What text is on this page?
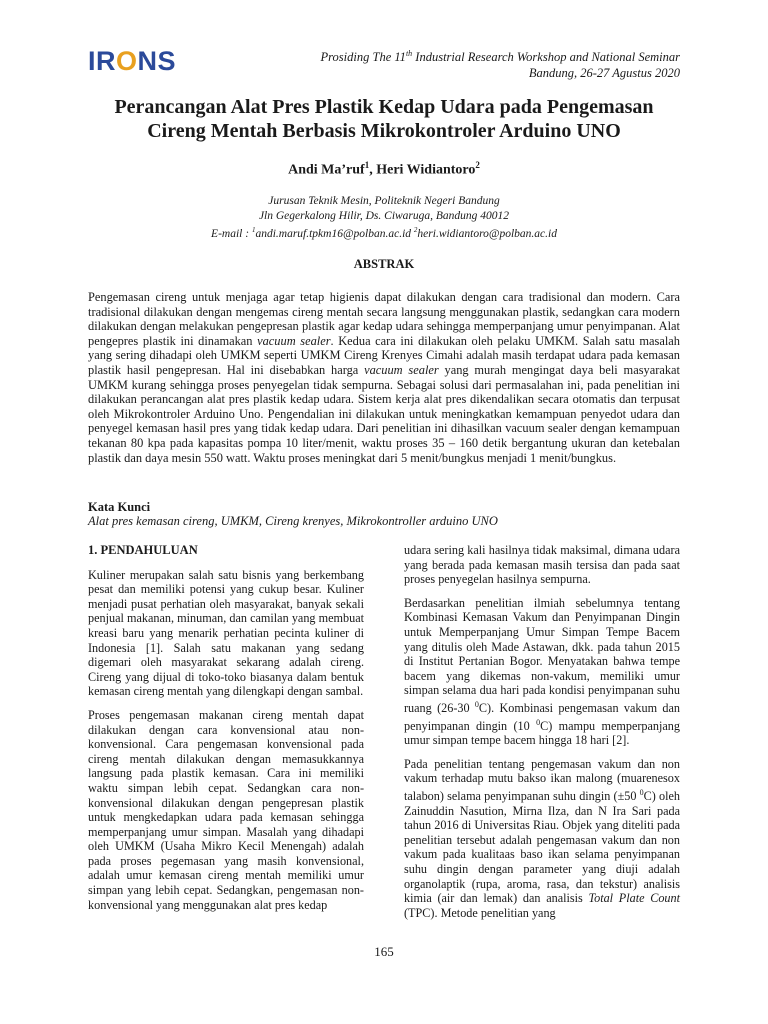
IRONS	Prosiding The 11th Industrial Research Workshop and National Seminar
Bandung, 26-27 Agustus 2020
Perancangan Alat Pres Plastik Kedap Udara pada Pengemasan
Cireng Mentah Berbasis Mikrokontroler Arduino UNO
Andi Ma’ruf$^1$, Heri Widiantoro$^2$
Jurusan Teknik Mesin, Politeknik Negeri Bandung
Jln Gegerkalong Hilir, Ds. Ciwaruga, Bandung 40012
E-mail : $^1$andi.maruf.tpkm16@polban.ac.id $^2$heri.widiantoro@polban.ac.id
ABSTRAK
Pengemasan cireng untuk menjaga agar tetap higienis dapat dilakukan dengan cara tradisional dan modern. Cara tradisional dilakukan dengan mengemas cireng mentah secara langsung menggunakan plastik, sedangkan cara modern dilakukan dengan melakukan pengepresan plastik agar kedap udara sehingga memperpanjang umur penyimpanan. Alat pengepres plastik ini dinamakan vacuum sealer. Kedua cara ini dilakukan oleh pelaku UMKM. Salah satu masalah yang sering dihadapi oleh UMKM seperti UMKM Cireng Krenyes Cimahi adalah masih terdapat udara pada kemasan plastik hasil pengepresan. Hal ini disebabkan harga vacuum sealer yang murah mengingat daya beli masyarakat UMKM kurang sehingga proses penyegelan tidak sempurna. Sebagai solusi dari permasalahan ini, pada penelitian ini dilakukan perancangan alat pres plastik kedap udara. Sistem kerja alat pres dikendalikan secara otomatis dan terpusat oleh Mikrokontroler Arduino Uno. Pengendalian ini dilakukan untuk meningkatkan kemampuan penyedot udara dan penyegel kemasan hasil pres yang tidak kedap udara. Dari penelitian ini dihasilkan vacuum sealer dengan kemampuan tekanan 80 kpa pada kapasitas pompa 10 liter/menit, waktu proses 35 – 160 detik bergantung ukuran dan ketebalan plastik dan daya mesin 550 watt. Waktu proses meningkat dari 5 menit/bungkus menjadi 1 menit/bungkus.
Kata Kunci
Alat pres kemasan cireng, UMKM, Cireng krenyes, Mikrokontroller arduino UNO
1. PENDAHULUAN

Kuliner merupakan salah satu bisnis yang berkembang pesat dan memiliki potensi yang cukup besar. Kuliner menjadi pusat perhatian oleh masyarakat, banyak sekali penjual makanan, minuman, dan camilan yang membuat kreasi baru yang menarik perhatian pecinta kuliner di Indonesia [1]. Salah satu makanan yang sedang digemari oleh masyarakat sekarang adalah cireng. Cireng yang dijual di toko-toko biasanya dalam bentuk kemasan cireng mentah yang dilengkapi dengan sambal.

Proses pengemasan makanan cireng mentah dapat dilakukan dengan cara konvensional atau non-konvensional. Cara pengemasan konvensional pada cireng mentah dilakukan dengan memasukkannya langsung pada plastik kemasan. Cara ini memiliki waktu simpan lebih cepat. Sedangkan cara non-konvensional dilakukan dengan pengepresan plastik untuk mengkedapkan udara pada kemasan sehingga memperpanjang umur simpan. Masalah yang dihadapi oleh UMKM (Usaha Mikro Kecil Menengah) adalah pada proses pegemasan yang masih konvensional, adalah umur kemasan cireng mentah memiliki umur simpan yang lebih cepat. Sedangkan, pengemasan non-konvensional yang menggunakan alat pres kedap

udara sering kali hasilnya tidak maksimal, dimana udara yang berada pada kemasan masih tersisa dan pada saat proses penyegelan hasilnya sempurna.

Berdasarkan penelitian ilmiah sebelumnya tentang Kombinasi Kemasan Vakum dan Penyimpanan Dingin untuk Memperpanjang Umur Simpan Tempe Bacem yang ditulis oleh Made Astawan, dkk. pada tahun 2015 di Institut Pertanian Bogor. Menyatakan bahwa tempe bacem yang dikemas non-vakum, memiliki umur simpan selama dua hari pada kondisi penyimpanan suhu ruang (26-30 $^0$C). Kombinasi pengemasan vakum dan penyimpanan dingin (10 $^0$C) mampu memperpanjang umur simpan tempe bacem hingga 18 hari [2].

Pada penelitian tentang pengemasan vakum dan non vakum terhadap mutu bakso ikan malong (muarenesox talabon) selama penyimpanan suhu dingin (±50 $^0$C) oleh Zainuddin Nasution, Mirna Ilza, dan N Ira Sari pada tahun 2016 di Universitas Riau. Objek yang diteliti pada penelitian tersebut adalah pengemasan vakum dan non vakum pada kualitaas baso ikan selama penyimpanan suhu dingin dengan parameter yang diuji adalah organolaptik (rupa, aroma, rasa, dan tekstur) analisis kimia (air dan lemak) dan analisis Total Plate Count (TPC). Metode penelitian yang

165
